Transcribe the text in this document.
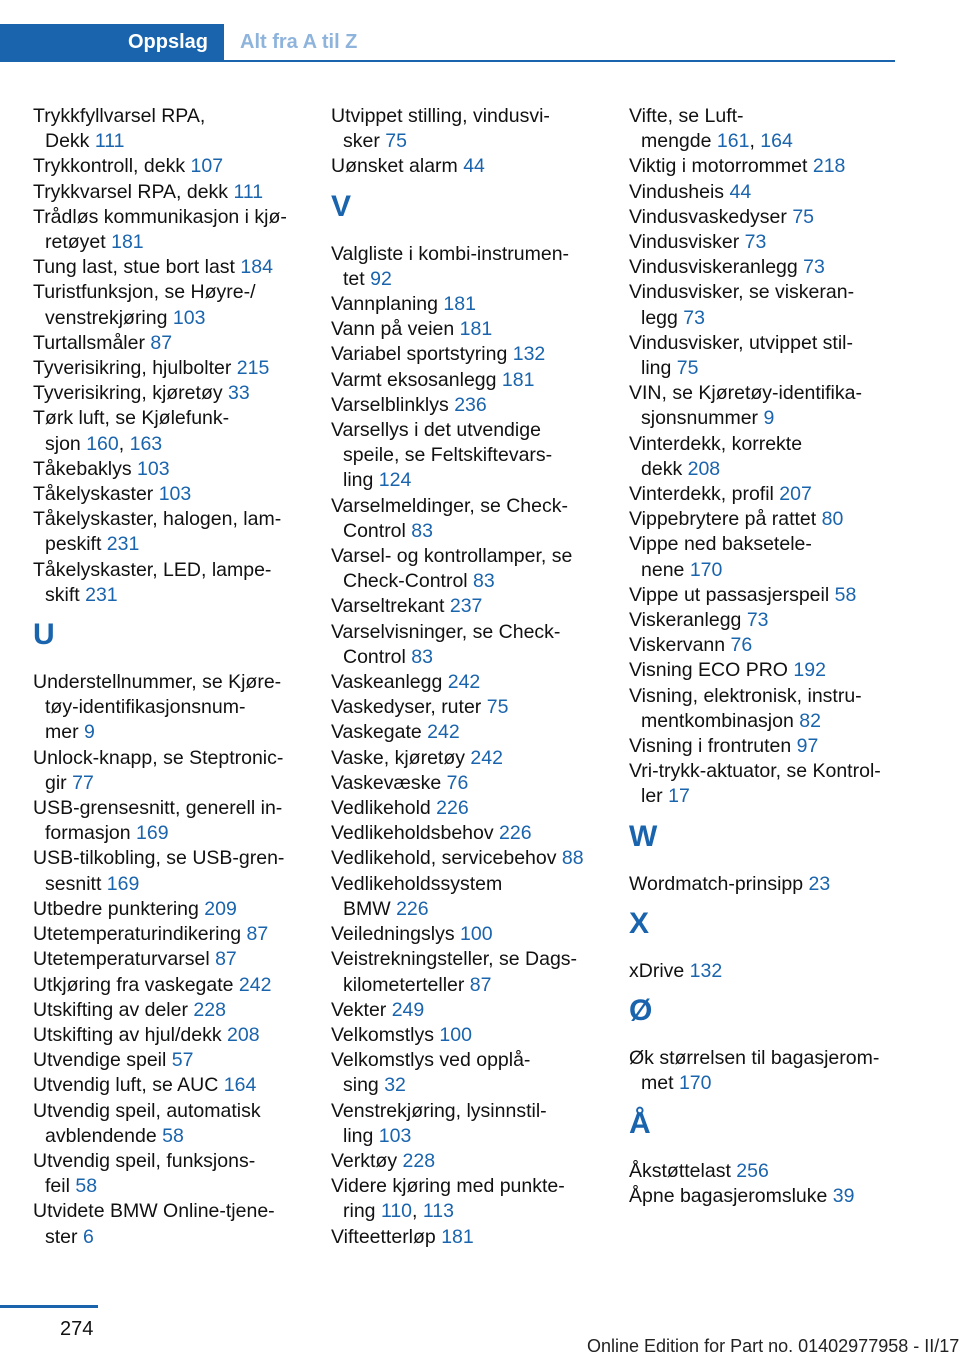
Oppslag Alt fra A til Z
Trykkfyllvarsel RPA,
Dekk 111
Trykkontroll, dekk 107
Trykkvarsel RPA, dekk 111
Trådløs kommunikasjon i kjø‐
retøyet 181
Tung last, stue bort last 184
Turistfunksjon, se Høyre-/
venstrekjøring 103
Turtallsmåler 87
Tyverisikring, hjulbolter 215
Tyverisikring, kjøretøy 33
Tørk luft, se Kjølefunk‐
sjon 160, 163
Tåkebaklys 103
Tåkelyskaster 103
Tåkelyskaster, halogen, lam‐
peskift 231
Tåkelyskaster, LED, lampe‐
skift 231
U
Understellnummer, se Kjøre‐
tøy-identifikasjonsnum‐
mer 9
Unlock-knapp, se Steptronic-
gir 77
USB-grensesnitt, generell in‐
formasjon 169
USB-tilkobling, se USB-gren‐
sesnitt 169
Utbedre punktering 209
Utetemperaturindikering 87
Utetemperaturvarsel 87
Utkjøring fra vaskegate 242
Utskifting av deler 228
Utskifting av hjul/dekk 208
Utvendige speil 57
Utvendig luft, se AUC 164
Utvendig speil, automatisk
avblendende 58
Utvendig speil, funksjons‐
feil 58
Utvidete BMW Online-tjene‐
ster 6
Utvippet stilling, vindusvi‐
sker 75
Uønsket alarm 44
V
Valgliste i kombi-instrumen‐
tet 92
Vannplaning 181
Vann på veien 181
Variabel sportstyring 132
Varmt eksosanlegg 181
Varselblinklys 236
Varsellys i det utvendige
speile, se Feltskiftevars‐
ling 124
Varselmeldinger, se Check-
Control 83
Varsel- og kontrollamper, se
Check-Control 83
Varseltrekant 237
Varselvisninger, se Check-
Control 83
Vaskeanlegg 242
Vaskedyser, ruter 75
Vaskegate 242
Vaske, kjøretøy 242
Vaskevæske 76
Vedlikehold 226
Vedlikeholdsbehov 226
Vedlikehold, servicebehov 88
Vedlikeholdssystem
BMW 226
Veiledningslys 100
Veistrekningsteller, se Dags‐
kilometerteller 87
Vekter 249
Velkomstlys 100
Velkomstlys ved opplå‐
sing 32
Venstrekjøring, lysinnstil‐
ling 103
Verktøy 228
Videre kjøring med punkte‐
ring 110, 113
Vifteetterløp 181
Vifte, se Luft‐
mengde 161, 164
Viktig i motorrommet 218
Vindusheis 44
Vindusvaskedyser 75
Vindusvisker 73
Vindusviskeranlegg 73
Vindusvisker, se viskeran‐
legg 73
Vindusvisker, utvippet stil‐
ling 75
VIN, se Kjøretøy-identifika‐
sjonsnummer 9
Vinterdekk, korrekte
dekk 208
Vinterdekk, profil 207
Vippebrytere på rattet 80
Vippe ned baksetele‐
nene 170
Vippe ut passasjerspeil 58
Viskeranlegg 73
Viskervann 76
Visning ECO PRO 192
Visning, elektronisk, instru‐
mentkombinasjon 82
Visning i frontruten 97
Vri-trykk-aktuator, se Kontrol‐
ler 17
W
Wordmatch-prinsipp 23
X
xDrive 132
Ø
Øk størrelsen til bagasjerom‐
met 170
Å
Åkstøttelast 256
Åpne bagasjeromsluke 39
274
Online Edition for Part no. 01402977958 - II/17
